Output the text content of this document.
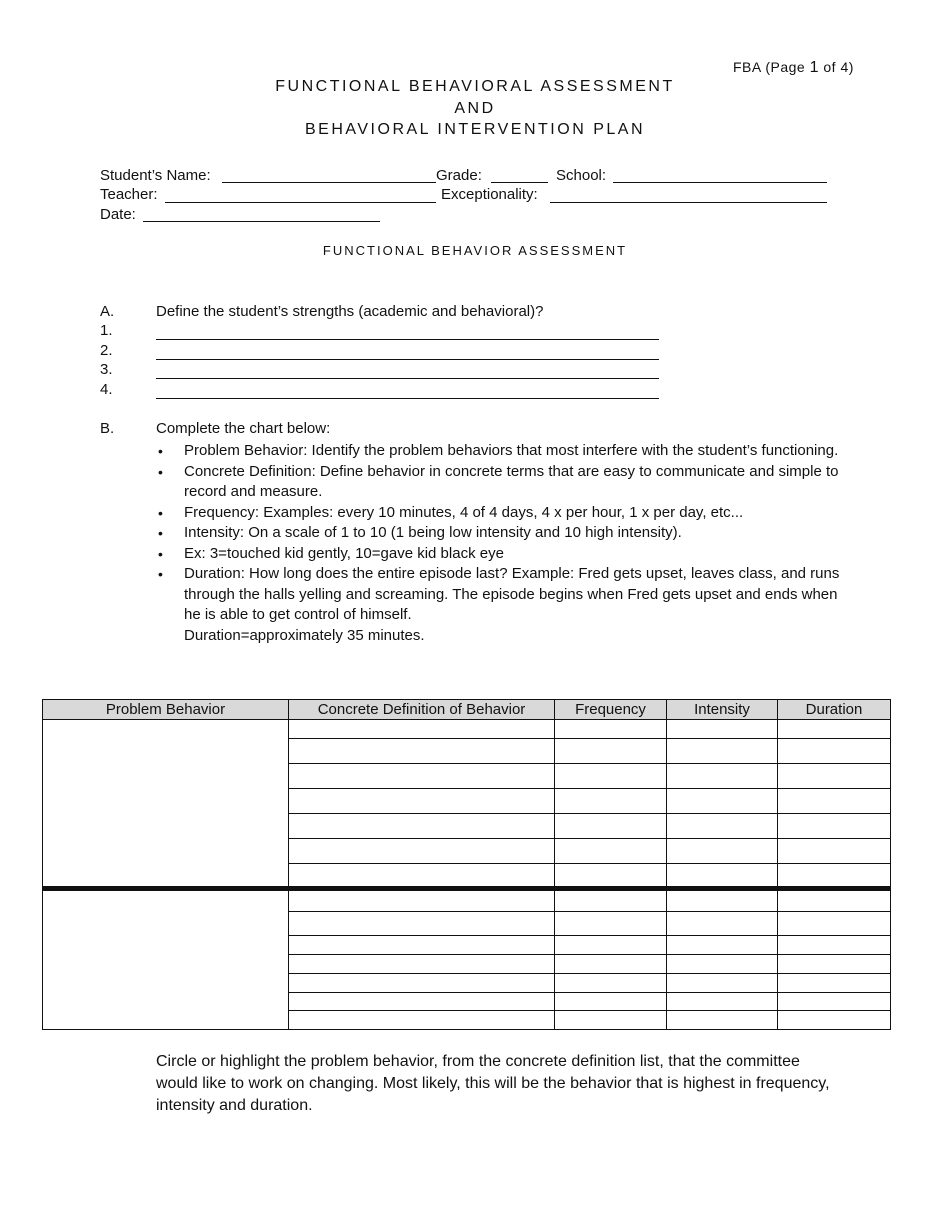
FBA (Page 1 of 4)
FUNCTIONAL BEHAVIORAL ASSESSMENT
AND
BEHAVIORAL INTERVENTION PLAN
Student’s Name:	Grade:	School:
Teacher:	Exceptionality:
Date:
FUNCTIONAL BEHAVIOR ASSESSMENT
A.	Define the student’s strengths (academic and behavioral)?
1.
2.
3.
4.
B.	Complete the chart below:
• Problem Behavior: Identify the problem behaviors that most interfere with the student’s functioning.
• Concrete Definition: Define behavior in concrete terms that are easy to communicate and simple to record and measure.
• Frequency: Examples: every 10 minutes, 4 of 4 days, 4 x per hour, 1 x per day, etc...
• Intensity: On a scale of 1 to 10 (1 being low intensity and 10 high intensity).
• Ex: 3=touched kid gently, 10=gave kid black eye
• Duration: How long does the entire episode last? Example: Fred gets upset, leaves class, and runs through the halls yelling and screaming. The episode begins when Fred gets upset and ends when he is able to get control of himself.
Duration=approximately 35 minutes.
Problem Behavior	Concrete Definition of Behavior	Frequency	Intensity	Duration

Circle or highlight the problem behavior, from the concrete definition list, that the committee would like to work on changing. Most likely, this will be the behavior that is highest in frequency, intensity and duration.
